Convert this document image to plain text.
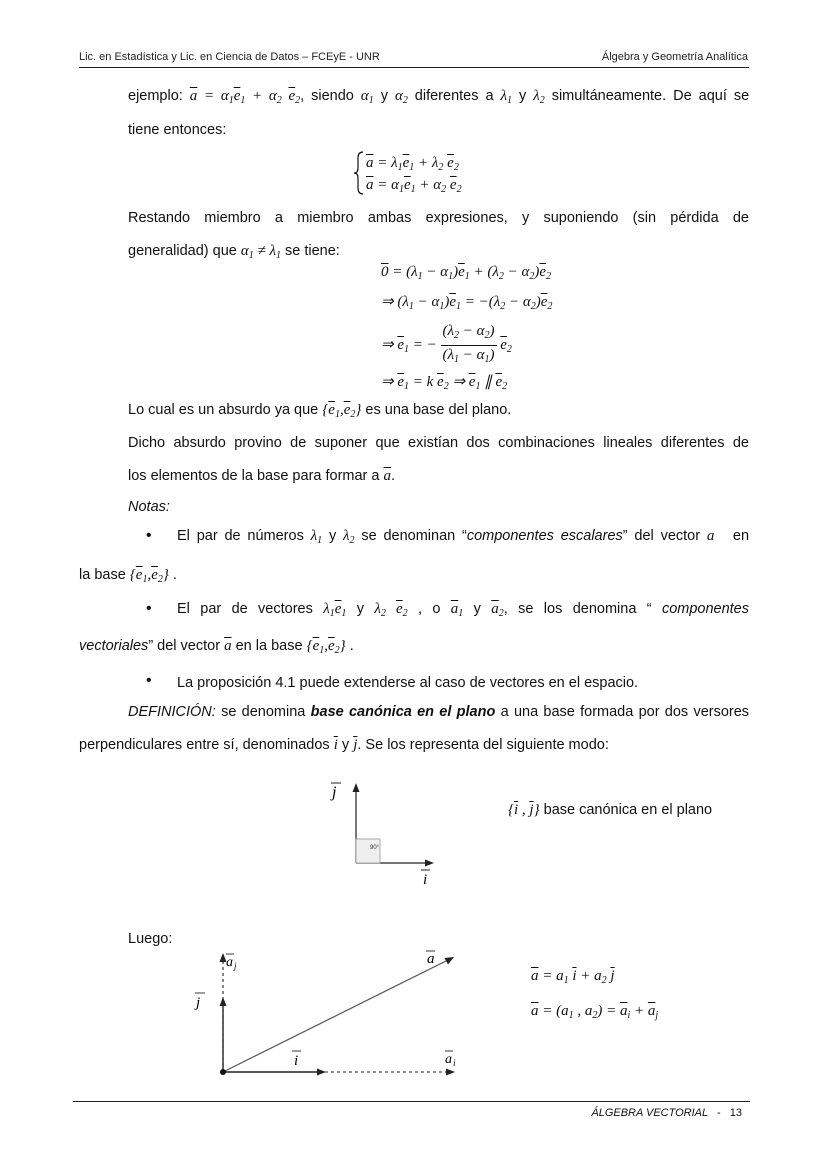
Lic. en Estadística y Lic. en Ciencia de Datos – FCEyE - UNR	Álgebra y Geometría Analítica
ejemplo: $\overline{a} = \alpha_1\overline{e}_1 + \alpha_2$ $\overline{e}_2$, siendo $\alpha_1$ y $\alpha_2$ diferentes a $\lambda_1$ y $\lambda_2$ simultáneamente. De aquí se
tiene entonces:
$\overline{a} = \lambda_1\overline{e}_1 + \lambda_2$ $\overline{e}_2$
$\overline{a} = \alpha_1\overline{e}_1 + \alpha_2$ $\overline{e}_2$
Restando miembro a miembro ambas expresiones, y suponiendo (sin pérdida de
generalidad) que $\alpha_1 \ne \lambda_1$ se tiene:
$0 = (\lambda_1 - \alpha_1)\overline{e}_1 + (\lambda_2 - \alpha_2)\overline{e}_2$
⇒ $(\lambda_1 - \alpha_1)\overline{e}_1 = -(\lambda_2 - \alpha_2)\overline{e}_2$
⇒ $\overline{e}_1$ = − $\frac{(\lambda_2 - \alpha_2)}{(\lambda_1 - \alpha_1)} \overline{e}_2$
⇒ $\overline{e}_1 = k$ $\overline{e}_2$ ⇒ $\overline{e}_1$ ∥ $\overline{e}_2$
Lo cual es un absurdo ya que $\{\overline{e}_1,\overline{e}_2\}$ es una base del plano.
Dicho absurdo provino de suponer que existían dos combinaciones lineales diferentes de
los elementos de la base para formar a $\overline{a}$.
Notas:
• El par de números $\lambda_1$ y $\lambda_2$ se denominan “componentes escalares” del vector a⃗ en
la base $\{\overline{e}_1,\overline{e}_2\}$ .
• El par de vectores $\lambda_1\overline{e}_1$ y $\lambda_2$ $\overline{e}_2$ , o $\overline{a}_1$ y $\overline{a}_2$, se los denomina “ componentes
vectoriales” del vector $\overline{a}$ en la base $\{\overline{e}_1,\overline{e}_2\}$ .
• La proposición 4.1 puede extenderse al caso de vectores en el espacio.
DEFINICIÓN: se denomina base canónica en el plano a una base formada por dos versores
perpendiculares entre sí, denominados $\overline{i}$ y $\overline{j}$. Se los representa del siguiente modo:
j
i
90°
{$\overline{i}$ , $\overline{j}$} base canónica en el plano
Luego:
a j
j
i
a
a i
$\overline{a} = a_1$ $\overline{i} + a_2$ $\overline{j}$
$\overline{a} = (a_1$ , $a_2) = \overline{a}_i + \overline{a}_j$
ÁLGEBRA VECTORIAL - 13
